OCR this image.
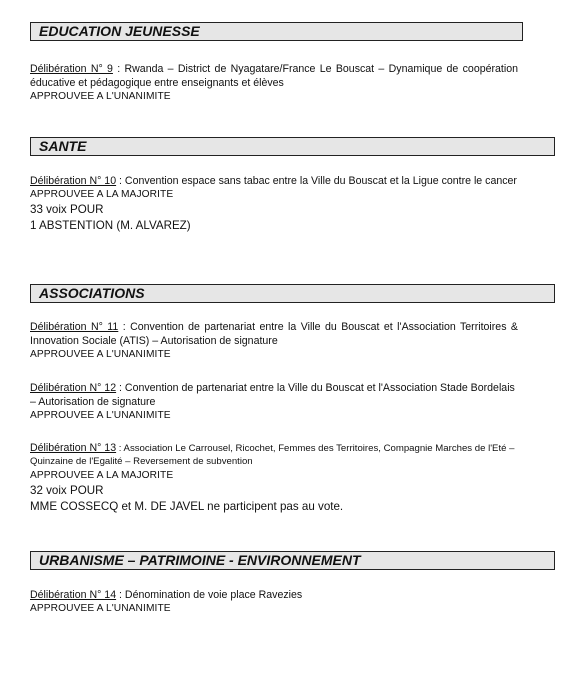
EDUCATION JEUNESSE

Délibération N° 9 : Rwanda – District de Nyagatare/France Le Bouscat – Dynamique de coopération éducative et pédagogique entre enseignants et élèves

APPROUVEE A L'UNANIMITE

SANTE

Délibération N° 10 : Convention espace sans tabac entre la Ville du Bouscat et la Ligue contre le cancer

APPROUVEE A LA MAJORITE

33 voix POUR

1 ABSTENTION (M. ALVAREZ)

ASSOCIATIONS

Délibération N° 11 : Convention de partenariat entre la Ville du Bouscat et l'Association Territoires & Innovation Sociale (ATIS) – Autorisation de signature

APPROUVEE A L'UNANIMITE

Délibération N° 12 : Convention de partenariat entre la Ville du Bouscat et l'Association Stade Bordelais – Autorisation de signature

APPROUVEE A L'UNANIMITE

Délibération N° 13 : Association Le Carrousel, Ricochet, Femmes des Territoires, Compagnie Marches de l'Eté – Quinzaine de l'Egalité – Reversement de subvention

APPROUVEE A LA MAJORITE

32 voix POUR

MME COSSECQ et M. DE JAVEL ne participent pas au vote.

URBANISME – PATRIMOINE - ENVIRONNEMENT

Délibération N° 14 : Dénomination de voie place Ravezies

APPROUVEE A L'UNANIMITE
